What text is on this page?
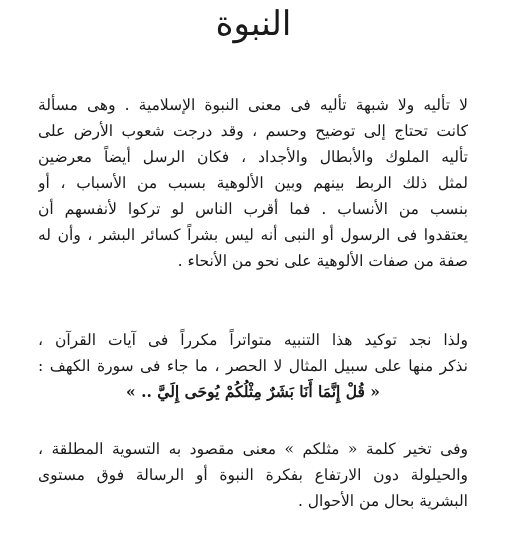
النبوة
لا تأليه ولا شبهة تأليه فى معنى النبوة الإسلامية . وهى مسألة
كانت تحتاج إلى توضيح وحسم ، وقد درجت شعوب الأرض على
تأليه الملوك والأبطال والأجداد ، فكان الرسل أيضاً معرضين
لمثل ذلك الربط بينهم وبين الألوهية بسبب من الأسباب ، أو
بنسب من الأنساب . فما أقرب الناس لو تركوا لأنفسهم أن
يعتقدوا فى الرسول أو النبى أنه ليس بشراً كسائر البشر ، وأن له
صفة من صفات الألوهية على نحو من الأنحاء .
ولذا نجد توكيد هذا التنبيه متواتراً مكرراً فى آيات القرآن ،
نذكر منها على سبيل المثال لا الحصر ، ما جاء فى سورة الكهف :
« قُلْ إِنَّمَا أَنَا بَشَرٌ مِثْلُكُمْ يُوحَى إِلَيَّ .. »
وفى تخير كلمة « مثلكم » معنى مقصود به التسوية المطلقة ،
والحيلولة دون الارتفاع بفكرة النبوة أو الرسالة فوق مستوى
البشرية بحال من الأحوال .
